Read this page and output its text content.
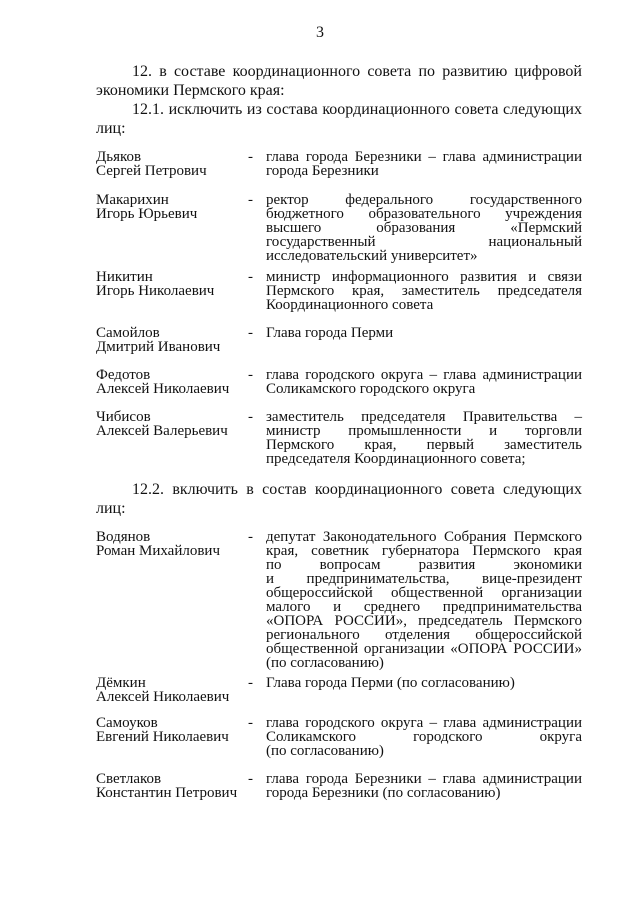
3
12. в составе координационного совета по развитию цифровой
экономики Пермского края:
12.1. исключить из состава координационного совета следующих
лиц:
Дьяков
Сергей Петрович
- глава города Березники – глава администрации
города Березники
Макарихин
Игорь Юрьевич
- ректор федерального государственного
бюджетного образовательного учреждения
высшего образования «Пермский
государственный национальный
исследовательский университет»
Никитин
Игорь Николаевич
- министр информационного развития и связи
Пермского края, заместитель председателя
Координационного совета
Самойлов
Дмитрий Иванович
- Глава города Перми
Федотов
Алексей Николаевич
- глава городского округа – глава администрации
Соликамского городского округа
Чибисов
Алексей Валерьевич
- заместитель председателя Правительства –
министр промышленности и торговли
Пермского края, первый заместитель
председателя Координационного совета;
12.2. включить в состав координационного совета следующих
лиц:
Водянов
Роман Михайлович
- депутат Законодательного Собрания Пермского
края, советник губернатора Пермского края
по вопросам развития экономики
и предпринимательства, вице-президент
общероссийской общественной организации
малого и среднего предпринимательства
«ОПОРА РОССИИ», председатель Пермского
регионального отделения общероссийской
общественной организации «ОПОРА РОССИИ»
(по согласованию)
Дёмкин
Алексей Николаевич
- Глава города Перми (по согласованию)
Самоуков
Евгений Николаевич
- глава городского округа – глава администрации
Соликамского городского округа
(по согласованию)
Светлаков
Константин Петрович
- глава города Березники – глава администрации
города Березники (по согласованию)
